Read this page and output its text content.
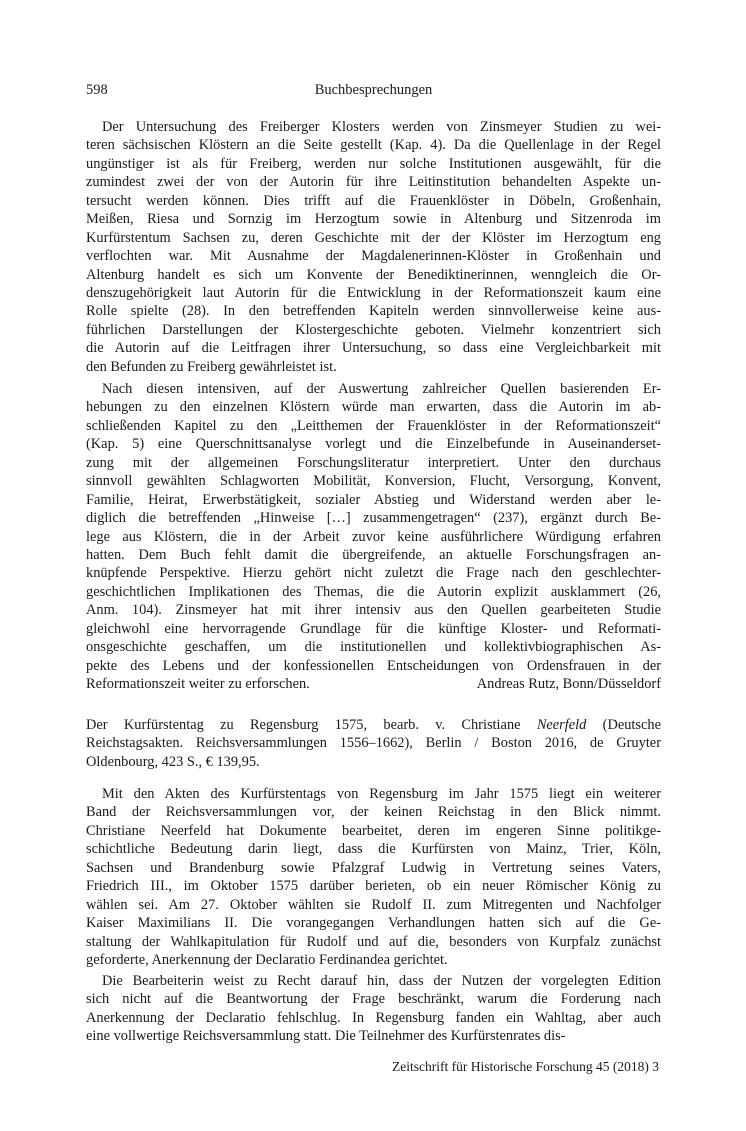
598	Buchbesprechungen
Der Untersuchung des Freiberger Klosters werden von Zinsmeyer Studien zu wei-
teren sächsischen Klöstern an die Seite gestellt (Kap. 4). Da die Quellenlage in der Regel
ungünstiger ist als für Freiberg, werden nur solche Institutionen ausgewählt, für die
zumindest zwei der von der Autorin für ihre Leitinstitution behandelten Aspekte un-
tersucht werden können. Dies trifft auf die Frauenklöster in Döbeln, Großenhain,
Meißen, Riesa und Sornzig im Herzogtum sowie in Altenburg und Sitzenroda im
Kurfürstentum Sachsen zu, deren Geschichte mit der der Klöster im Herzogtum eng
verflochten war. Mit Ausnahme der Magdalenerinnen-Klöster in Großenhain und
Altenburg handelt es sich um Konvente der Benediktinerinnen, wenngleich die Or-
denszugehörigkeit laut Autorin für die Entwicklung in der Reformationszeit kaum eine
Rolle spielte (28). In den betreffenden Kapiteln werden sinnvollerweise keine aus-
führlichen Darstellungen der Klostergeschichte geboten. Vielmehr konzentriert sich
die Autorin auf die Leitfragen ihrer Untersuchung, so dass eine Vergleichbarkeit mit
den Befunden zu Freiberg gewährleistet ist.
Nach diesen intensiven, auf der Auswertung zahlreicher Quellen basierenden Er-
hebungen zu den einzelnen Klöstern würde man erwarten, dass die Autorin im ab-
schließenden Kapitel zu den „Leitthemen der Frauenklöster in der Reformationszeit“
(Kap. 5) eine Querschnittsanalyse vorlegt und die Einzelbefunde in Auseinanderset-
zung mit der allgemeinen Forschungsliteratur interpretiert. Unter den durchaus
sinnvoll gewählten Schlagworten Mobilität, Konversion, Flucht, Versorgung, Konvent,
Familie, Heirat, Erwerbstätigkeit, sozialer Abstieg und Widerstand werden aber le-
diglich die betreffenden „Hinweise […] zusammengetragen“ (237), ergänzt durch Be-
lege aus Klöstern, die in der Arbeit zuvor keine ausführlichere Würdigung erfahren
hatten. Dem Buch fehlt damit die übergreifende, an aktuelle Forschungsfragen an-
knüpfende Perspektive. Hierzu gehört nicht zuletzt die Frage nach den geschlechter-
geschichtlichen Implikationen des Themas, die die Autorin explizit ausklammert (26,
Anm. 104). Zinsmeyer hat mit ihrer intensiv aus den Quellen gearbeiteten Studie
gleichwohl eine hervorragende Grundlage für die künftige Kloster- und Reformati-
onsgeschichte geschaffen, um die institutionellen und kollektivbiographischen As-
pekte des Lebens und der konfessionellen Entscheidungen von Ordensfrauen in der
Reformationszeit weiter zu erforschen.	Andreas Rutz, Bonn/Düsseldorf
Der Kurfürstentag zu Regensburg 1575, bearb. v. Christiane Neerfeld (Deutsche
Reichstagsakten. Reichsversammlungen 1556–1662), Berlin / Boston 2016, de Gruyter
Oldenbourg, 423 S., € 139,95.
Mit den Akten des Kurfürstentags von Regensburg im Jahr 1575 liegt ein weiterer
Band der Reichsversammlungen vor, der keinen Reichstag in den Blick nimmt.
Christiane Neerfeld hat Dokumente bearbeitet, deren im engeren Sinne politikge-
schichtliche Bedeutung darin liegt, dass die Kurfürsten von Mainz, Trier, Köln,
Sachsen und Brandenburg sowie Pfalzgraf Ludwig in Vertretung seines Vaters,
Friedrich III., im Oktober 1575 darüber berieten, ob ein neuer Römischer König zu
wählen sei. Am 27. Oktober wählten sie Rudolf II. zum Mitregenten und Nachfolger
Kaiser Maximilians II. Die vorangegangen Verhandlungen hatten sich auf die Ge-
staltung der Wahlkapitulation für Rudolf und auf die, besonders von Kurpfalz zunächst
geforderte, Anerkennung der Declaratio Ferdinandea gerichtet.
Die Bearbeiterin weist zu Recht darauf hin, dass der Nutzen der vorgelegten Edition
sich nicht auf die Beantwortung der Frage beschränkt, warum die Forderung nach
Anerkennung der Declaratio fehlschlug. In Regensburg fanden ein Wahltag, aber auch
eine vollwertige Reichsversammlung statt. Die Teilnehmer des Kurfürstenrates dis-
Zeitschrift für Historische Forschung 45 (2018) 3
